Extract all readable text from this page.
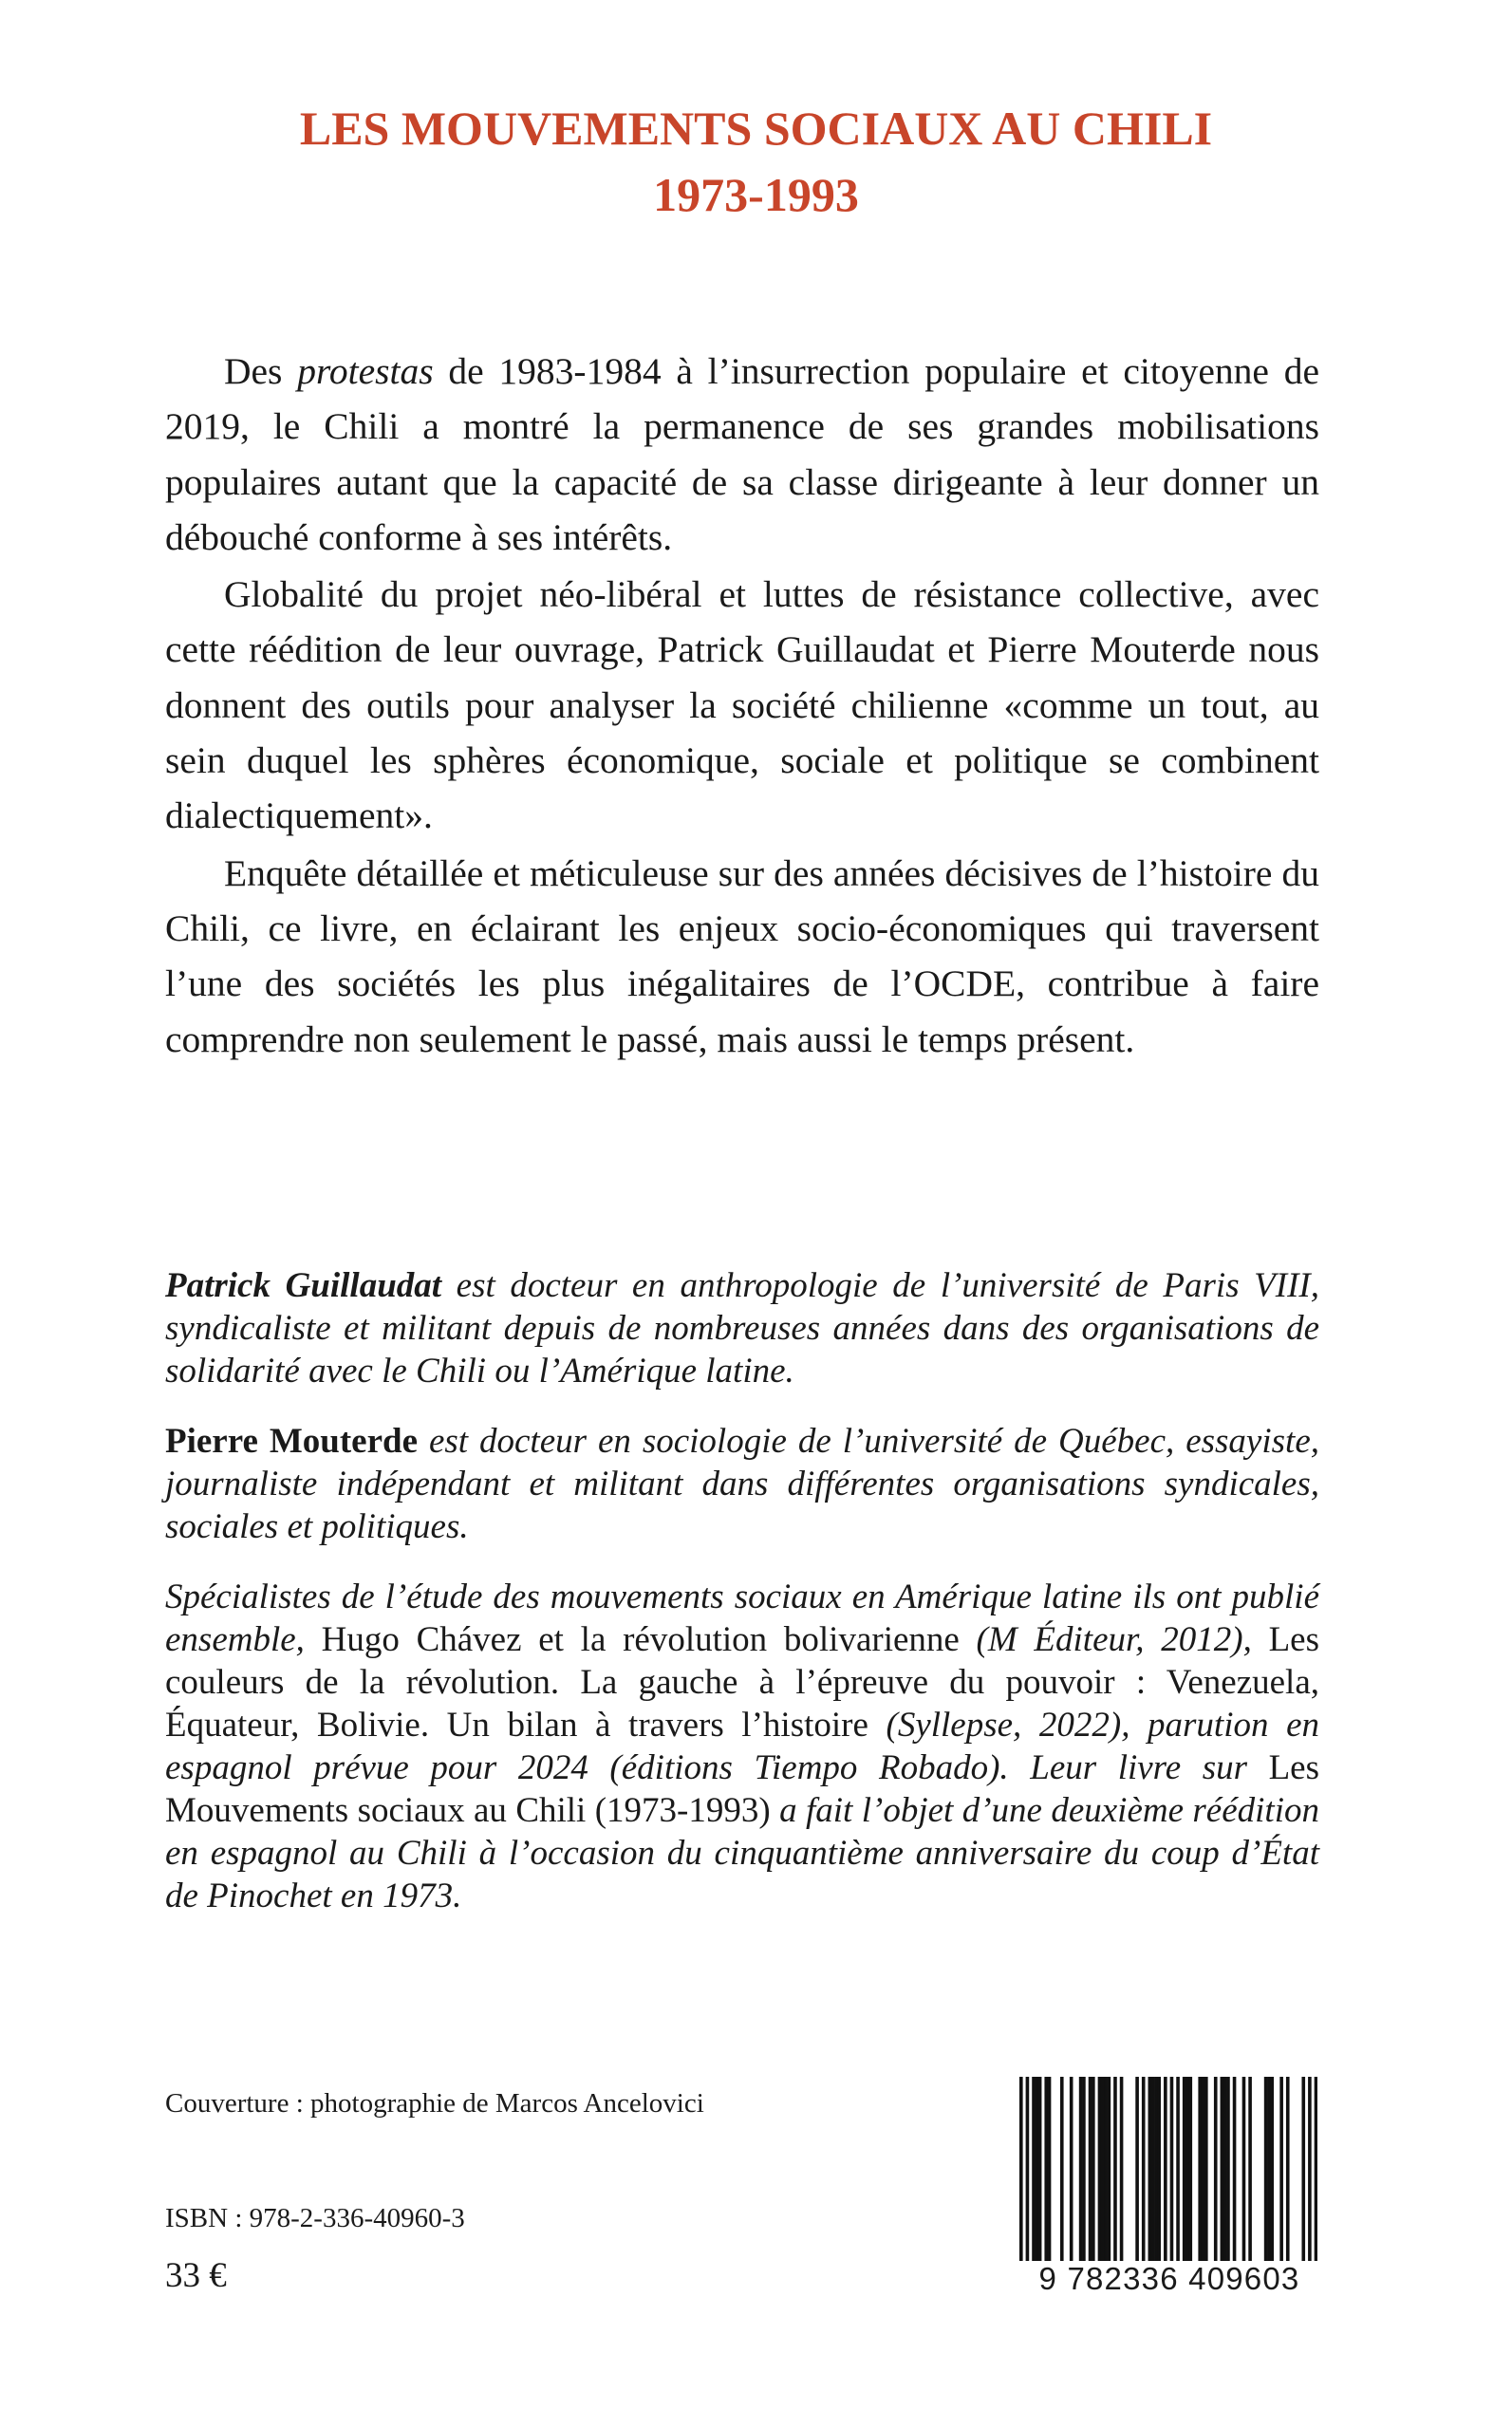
LES MOUVEMENTS SOCIAUX AU CHILI
1973-1993

Des protestas de 1983-1984 à l’insurrection populaire et citoyenne de 2019, le Chili a montré la permanence de ses grandes mobilisations populaires autant que la capacité de sa classe dirigeante à leur donner un débouché conforme à ses intérêts.

Globalité du projet néo-libéral et luttes de résistance collective, avec cette réédition de leur ouvrage, Patrick Guillaudat et Pierre Mouterde nous donnent des outils pour analyser la société chilienne «comme un tout, au sein duquel les sphères économique, sociale et politique se combinent dialectiquement».

Enquête détaillée et méticuleuse sur des années décisives de l’histoire du Chili, ce livre, en éclairant les enjeux socio-économiques qui traversent l’une des sociétés les plus inégalitaires de l’OCDE, contribue à faire comprendre non seulement le passé, mais aussi le temps présent.

Patrick Guillaudat est docteur en anthropologie de l’université de Paris VIII, syndicaliste et militant depuis de nombreuses années dans des organisations de solidarité avec le Chili ou l’Amérique latine.

Pierre Mouterde est docteur en sociologie de l’université de Québec, essayiste, journaliste indépendant et militant dans différentes organisations syndicales, sociales et politiques.

Spécialistes de l’étude des mouvements sociaux en Amérique latine ils ont publié ensemble, Hugo Chávez et la révolution bolivarienne (M Éditeur, 2012), Les couleurs de la révolution. La gauche à l’épreuve du pouvoir : Venezuela, Équateur, Bolivie. Un bilan à travers l’histoire (Syllepse, 2022), parution en espagnol prévue pour 2024 (éditions Tiempo Robado). Leur livre sur Les Mouvements sociaux au Chili (1973-1993) a fait l’objet d’une deuxième réédition en espagnol au Chili à l’occasion du cinquantième anniversaire du coup d’État de Pinochet en 1973.

Couverture : photographie de Marcos Ancelovici
ISBN : 978-2-336-40960-3
33 €	9 782336 409603
